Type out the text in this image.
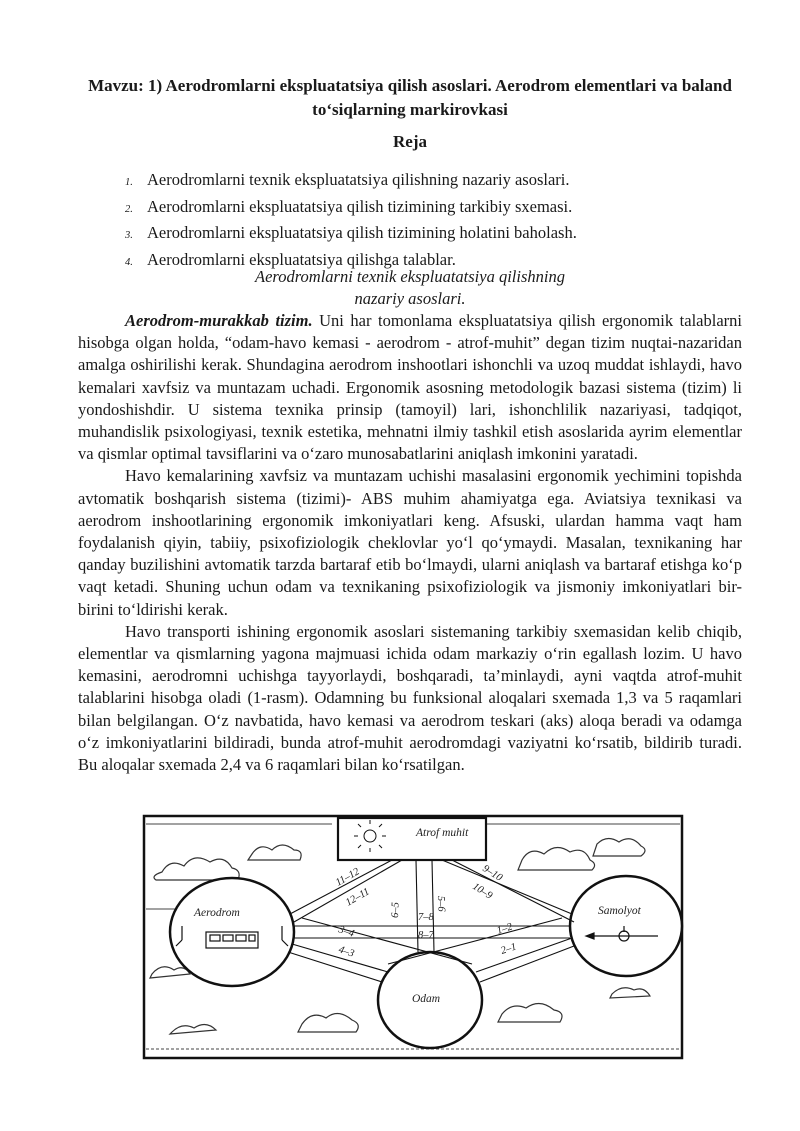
Mavzu: 1) Aerodromlarni ekspluatatsiya qilish asoslari. Aerodrom elementlari va baland to‘siqlarning markirovkasi
Reja
1. Aerodromlarni texnik ekspluatatsiya qilishning nazariy asoslari.
2. Aerodromlarni ekspluatatsiya qilish tizimining tarkibiy sxemasi.
3. Aerodromlarni ekspluatatsiya qilish tizimining holatini baholash.
4. Aerodromlarni ekspluatatsiya qilishga talablar.
Aerodromlarni texnik ekspluatatsiya qilishning
nazariy asoslari.

Aerodrom-murakkab tizim. Uni har tomonlama ekspluatatsiya qilish ergonomik talablarni hisobga olgan holda, “odam-havo kemasi - aerodrom - atrof-muhit” degan tizim nuqtai-nazaridan amalga oshirilishi kerak. Shundagina aerodrom inshootlari ishonchli va uzoq muddat ishlaydi, havo kemalari xavfsiz va muntazam uchadi. Ergonomik asosning metodologik bazasi sistema (tizim) li yondoshishdir. U sistema texnika prinsip (tamoyil) lari, ishonchlilik nazariyasi, tadqiqot, muhandislik psixologiyasi, texnik estetika, mehnatni ilmiy tashkil etish asoslarida ayrim elementlar va qismlar optimal tavsiflarini va o‘zaro munosabatlarini aniqlash imkonini yaratadi.

Havo kemalarining xavfsiz va muntazam uchishi masalasini ergonomik yechimini topishda avtomatik boshqarish sistema (tizimi)- ABS muhim ahamiyatga ega. Aviatsiya texnikasi va aerodrom inshootlarining ergonomik imkoniyatlari keng. Afsuski, ulardan hamma vaqt ham foydalanish qiyin, tabiiy, psixofiziologik cheklovlar yo‘l qo‘ymaydi. Masalan, texnikaning har qanday buzilishini avtomatik tarzda bartaraf etib bo‘lmaydi, ularni aniqlash va bartaraf etishga ko‘p vaqt ketadi. Shuning uchun odam va texnikaning psixofiziologik va jismoniy imkoniyatlari bir-birini to‘ldirishi kerak.

Havo transporti ishining ergonomik asoslari sistemaning tarkibiy sxemasidan kelib chiqib, elementlar va qismlarning yagona majmuasi ichida odam markaziy o‘rin egallash lozim. U havo kemasini, aerodromni uchishga tayyorlaydi, boshqaradi, ta’minlaydi, ayni vaqtda atrof-muhit talablarini hisobga oladi (1-rasm). Odamning bu funksional aloqalari sxemada 1,3 va 5 raqamlari bilan belgilangan. O‘z navbatida, havo kemasi va aerodrom teskari (aks) aloqa beradi va odamga o‘z imkoniyatlarini bildiradi, bunda atrof-muhit aerodromdagi vaziyatni ko‘rsatib, bildirib turadi. Bu aloqalar sxemada 2,4 va 6 raqamlari bilan ko‘rsatilgan.

Atrof muhit
Aerodrom	Samolyot
Odam
11–12
12–11
9–10
10–9
6–5	5–6
7–8
8–7
3–4
4–3
1–2
2–1
